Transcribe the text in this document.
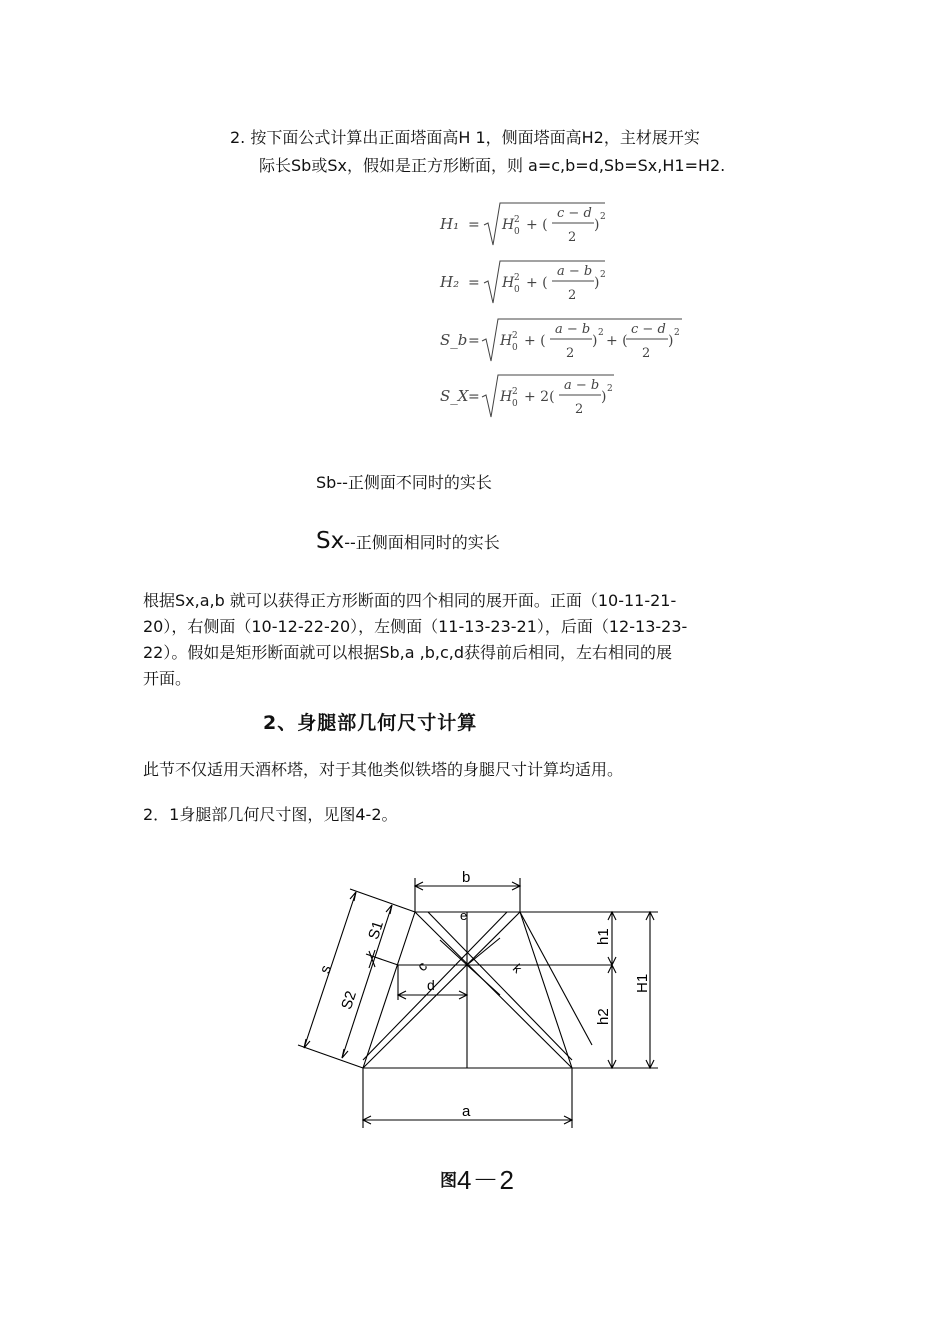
2. 按下面公式计算出正面塔面高H 1，侧面塔面高H2，主材展开实
际长Sb或Sx，假如是正方形断面，则 a=c,b=d,Sb=Sx,H1=H2.
H₁ = H 2
0 + (
c − d
2
) 2
H₂ = H 2
0 + (
a − b
2
) 2
S_b = H 2
0 + (
a − b
2
) 2 + (
c − d
2
) 2
S_X = H 2
0 + 2(
a − b
2
) 2
Sb--正侧面不同时的实长
Sx--正侧面相同时的实长
根据Sx,a,b 就可以获得正方形断面的四个相同的展开面。正面（10-11-21-
20），右侧面（10-12-22-20），左侧面（11-13-23-21），后面（12-13-23-
22）。假如是矩形断面就可以根据Sb,a ,b,c,d获得前后相同，左右相同的展
开面。
2、身腿部几何尺寸计算
此节不仅适用天酒杯塔，对于其他类似铁塔的身腿尺寸计算均适用。
2．1身腿部几何尺寸图，见图4-2。
b
a
d
e
k
c
h1
h2
H1
s
S1
S2
图4－2
